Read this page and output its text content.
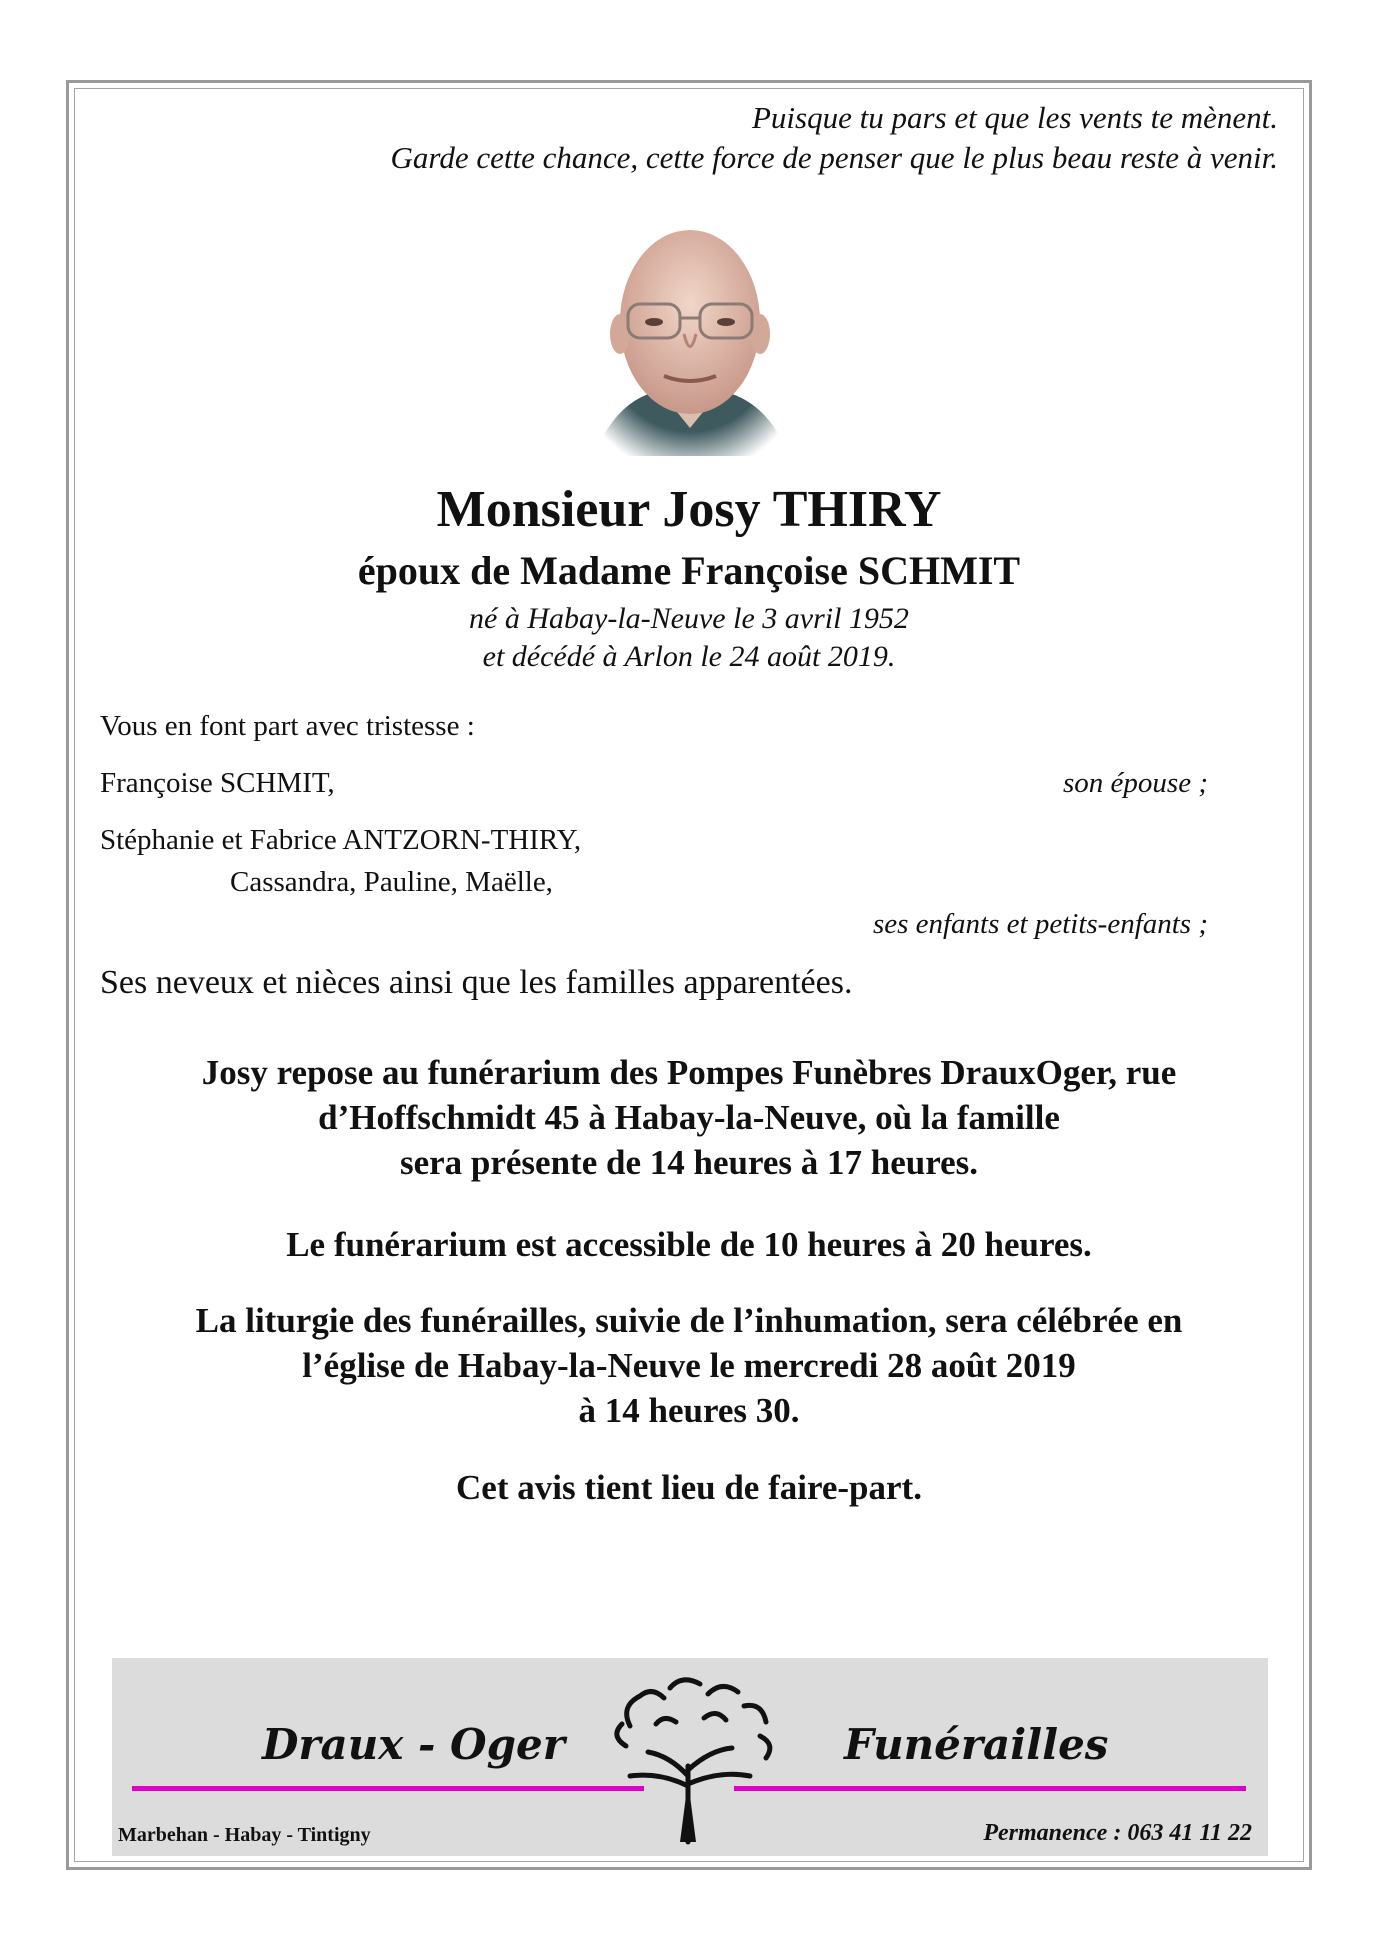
Puisque tu pars et que les vents te mènent.
Garde cette chance, cette force de penser que le plus beau reste à venir.
Monsieur Josy THIRY
époux de Madame Françoise SCHMIT
né à Habay-la-Neuve le 3 avril 1952
et décédé à Arlon le 24 août 2019.
Vous en font part avec tristesse :
Françoise SCHMIT,	son épouse ;
Stéphanie et Fabrice ANTZORN-THIRY,
Cassandra, Pauline, Maëlle,
ses enfants et petits-enfants ;
Ses neveux et nièces ainsi que les familles apparentées.
Josy repose au funérarium des Pompes Funèbres DrauxOger, rue
d’Hoffschmidt 45 à Habay-la-Neuve, où la famille
sera présente de 14 heures à 17 heures.
Le funérarium est accessible de 10 heures à 20 heures.
La liturgie des funérailles, suivie de l’inhumation, sera célébrée en
l’église de Habay-la-Neuve le mercredi 28 août 2019
à 14 heures 30.
Cet avis tient lieu de faire-part.
Draux - Oger	Funérailles
Marbehan - Habay - Tintigny	Permanence : 063 41 11 22
